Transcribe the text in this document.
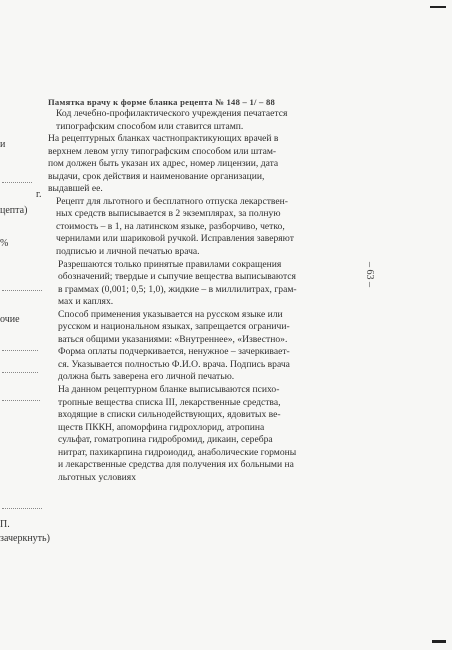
и
г.
цепта)
%
очие
П.
зачеркнуть)
Памятка врачу к форме бланка рецепта № 148 – 1/ – 88

Код лечебно-профилактического учреждения печатается
типографским способом или ставится штамп.

На рецептурных бланках частнопрактикующих врачей в
верхнем левом углу типографским способом или штам-
пом должен быть указан их адрес, номер лицензии, дата
выдачи, срок действия и наименование организации,
выдавшей ее.

Рецепт для льготного и бесплатного отпуска лекарствен-
ных средств выписывается в 2 экземплярах, за полную
стоимость – в 1, на латинском языке, разборчиво, четко,
чернилами или шариковой ручкой. Исправления заверяют
подписью и личной печатью врача.

Разрешаются только принятые правилами сокращения
обозначений; твердые и сыпучие вещества выписываются
в граммах (0,001; 0,5; 1,0), жидкие – в миллилитрах, грам-
мах и каплях.

Способ применения указывается на русском языке или
русском и национальном языках, запрещается ограничи-
ваться общими указаниями: «Внутреннее», «Известно».
Форма оплаты подчеркивается, ненужное – зачеркивает-
ся. Указывается полностью Ф.И.О. врача. Подпись врача
должна быть заверена его личной печатью.

На данном рецептурном бланке выписываются психо-
тропные вещества списка III, лекарственные средства,
входящие в списки сильнодействующих, ядовитых ве-
ществ ПККН, апоморфина гидрохлорид, атропина
сульфат, гоматропина гидробромид, дикаин, серебра
нитрат, пахикарпина гидроиодид, анаболические гормоны
и лекарственные средства для получения их больными на
льготных условиях

– 63 –
